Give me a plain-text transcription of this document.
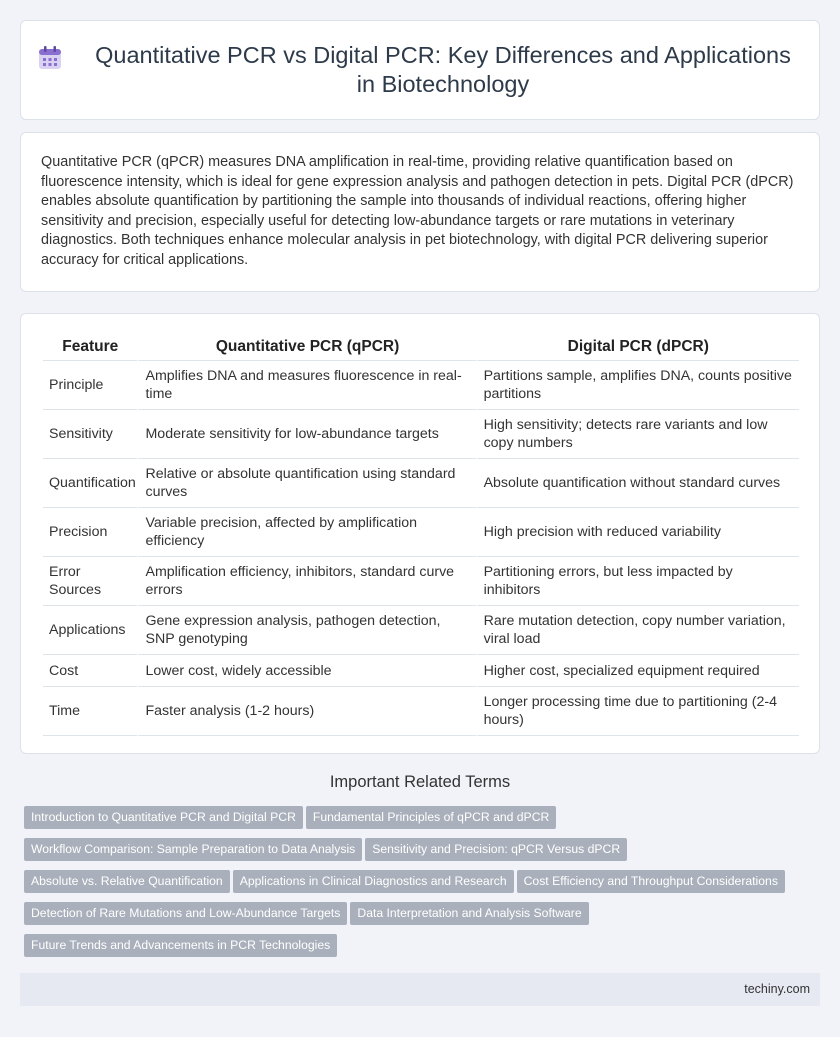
Quantitative PCR vs Digital PCR: Key Differences and Applications in Biotechnology

Quantitative PCR (qPCR) measures DNA amplification in real-time, providing relative quantification based on fluorescence intensity, which is ideal for gene expression analysis and pathogen detection in pets. Digital PCR (dPCR) enables absolute quantification by partitioning the sample into thousands of individual reactions, offering higher sensitivity and precision, especially useful for detecting low-abundance targets or rare mutations in veterinary diagnostics. Both techniques enhance molecular analysis in pet biotechnology, with digital PCR delivering superior accuracy for critical applications.

Feature	Quantitative PCR (qPCR)	Digital PCR (dPCR)
Principle	Amplifies DNA and measures fluorescence in real-time	Partitions sample, amplifies DNA, counts positive partitions
Sensitivity	Moderate sensitivity for low-abundance targets	High sensitivity; detects rare variants and low copy numbers
Quantification	Relative or absolute quantification using standard curves	Absolute quantification without standard curves
Precision	Variable precision, affected by amplification efficiency	High precision with reduced variability
Error Sources	Amplification efficiency, inhibitors, standard curve errors	Partitioning errors, but less impacted by inhibitors
Applications	Gene expression analysis, pathogen detection, SNP genotyping	Rare mutation detection, copy number variation, viral load
Cost	Lower cost, widely accessible	Higher cost, specialized equipment required
Time	Faster analysis (1-2 hours)	Longer processing time due to partitioning (2-4 hours)
Important Related Terms
Introduction to Quantitative PCR and Digital PCR Fundamental Principles of qPCR and dPCR
Workflow Comparison: Sample Preparation to Data Analysis Sensitivity and Precision: qPCR Versus dPCR
Absolute vs. Relative Quantification Applications in Clinical Diagnostics and Research Cost Efficiency and Throughput Considerations
Detection of Rare Mutations and Low-Abundance Targets Data Interpretation and Analysis Software
Future Trends and Advancements in PCR Technologies
techiny.com
